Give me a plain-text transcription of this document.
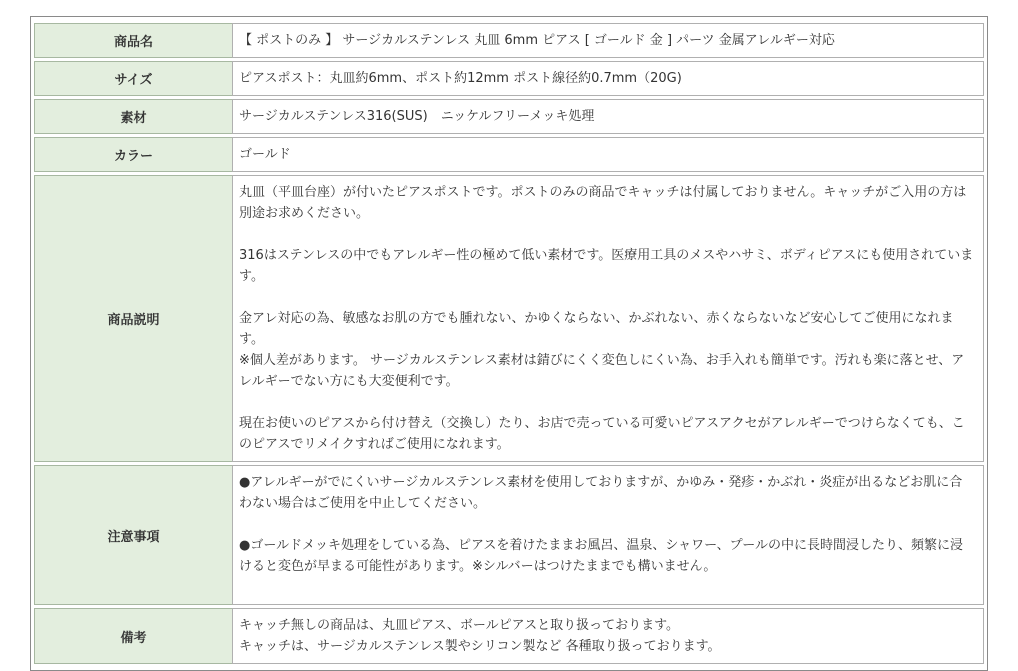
商品名	【 ポストのみ 】 サージカルステンレス 丸皿 6mm ピアス [ ゴールド 金 ] パーツ 金属アレルギー対応

サイズ	ピアスポスト：丸皿約6mm、ポスト約12mm ポスト線径約0.7mm（20G)

素材	サージカルステンレス316(SUS)　ニッケルフリーメッキ処理

カラー	ゴールド

商品説明	丸皿（平皿台座）が付いたピアスポストです。ポストのみの商品でキャッチは付属しておりません。キャッチがご入用の方は別途お求めください。

316はステンレスの中でもアレルギー性の極めて低い素材です。医療用工具のメスやハサミ、ボディピアスにも使用されています。

金アレ対応の為、敏感なお肌の方でも腫れない、かゆくならない、かぶれない、赤くならないなど安心してご使用になれます。
※個人差があります。 サージカルステンレス素材は錆びにくく変色しにくい為、お手入れも簡単です。汚れも楽に落とせ、アレルギーでない方にも大変便利です。

現在お使いのピアスから付け替え（交換し）たり、お店で売っている可愛いピアスアクセがアレルギーでつけらなくても、このピアスでリメイクすればご使用になれます。

注意事項	●アレルギーがでにくいサージカルステンレス素材を使用しておりますが、かゆみ・発疹・かぶれ・炎症が出るなどお肌に合わない場合はご使用を中止してください。

●ゴールドメッキ処理をしている為、ピアスを着けたままお風呂、温泉、シャワー、プールの中に長時間浸したり、頻繁に浸けると変色が早まる可能性があります。※シルバーはつけたままでも構いません。

備考	キャッチ無しの商品は、丸皿ピアス、ボールピアスと取り扱っております。
キャッチは、サージカルステンレス製やシリコン製など 各種取り扱っております。
